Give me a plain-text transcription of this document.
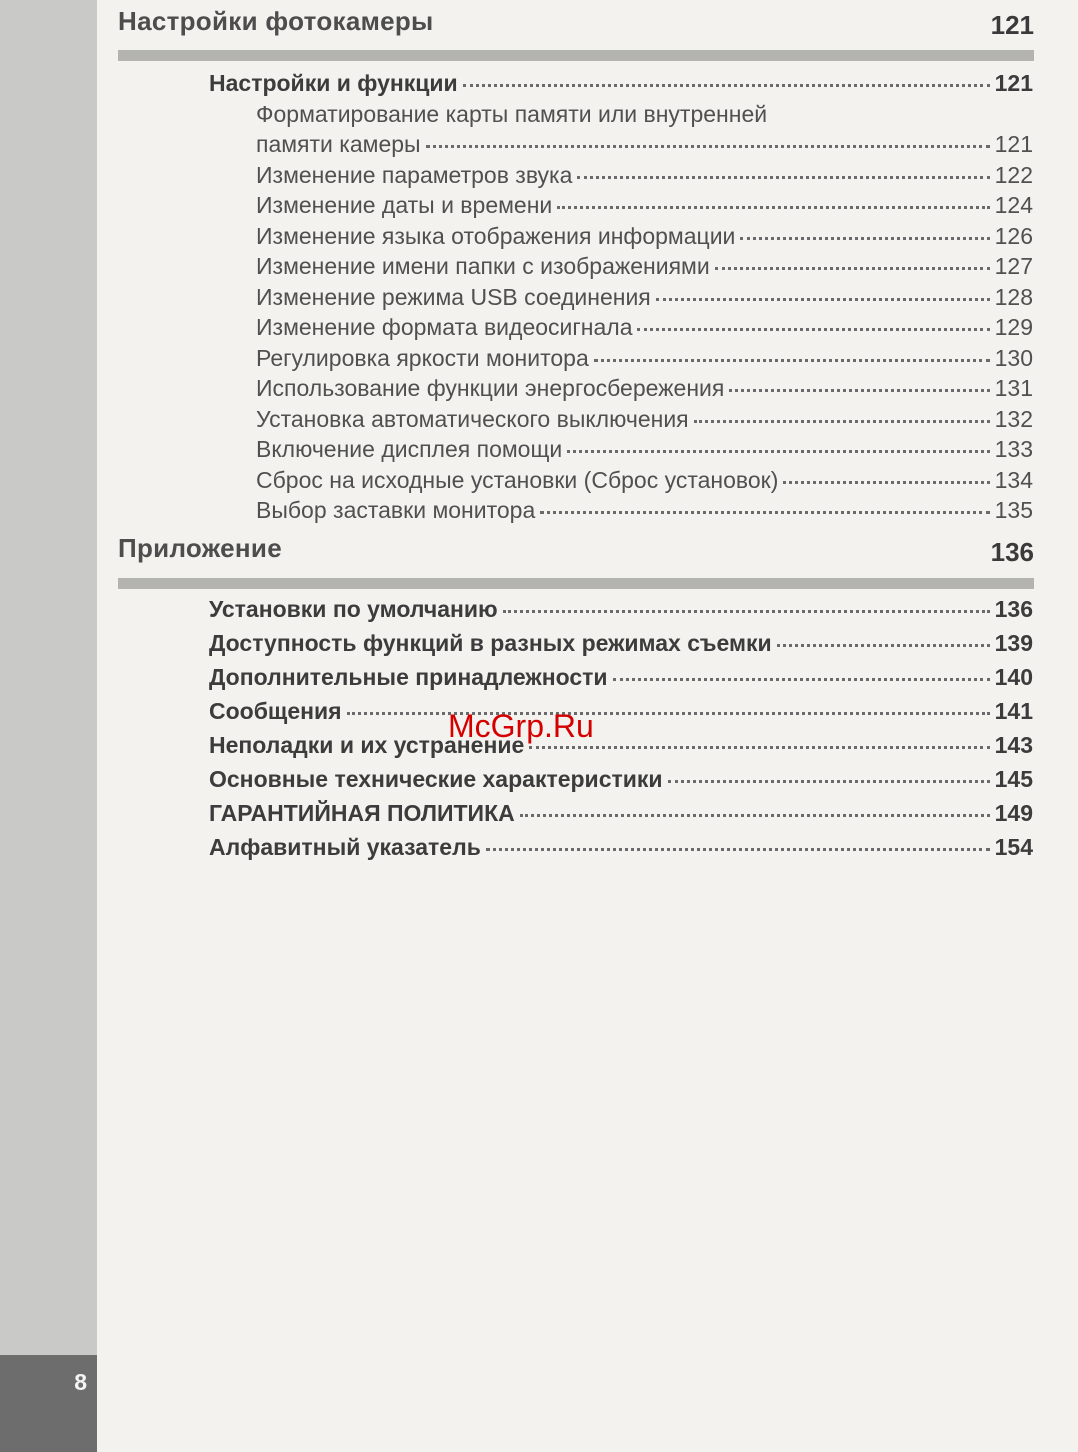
8
Настройки фотокамеры	121
Настройки и функции	121
Форматирование карты памяти или внутренней
памяти камеры	121
Изменение параметров звука	122
Изменение даты и времени	124
Изменение языка отображения информации	126
Изменение имени папки с изображениями	127
Изменение режима USB соединения	128
Изменение формата видеосигнала	129
Регулировка яркости монитора	130
Использование функции энергосбережения	131
Установка автоматического выключения	132
Включение дисплея помощи	133
Сброс на исходные установки (Сброс установок)	134
Выбор заставки монитора	135
Приложение	136
Установки по умолчанию	136
Доступность функций в разных режимах съемки	139
Дополнительные принадлежности	140
Сообщения	141
Неполадки и их устранение	143
Основные технические характеристики	145
ГАРАНТИЙНАЯ ПОЛИТИКА	149
Алфавитный указатель	154
McGrp.Ru
